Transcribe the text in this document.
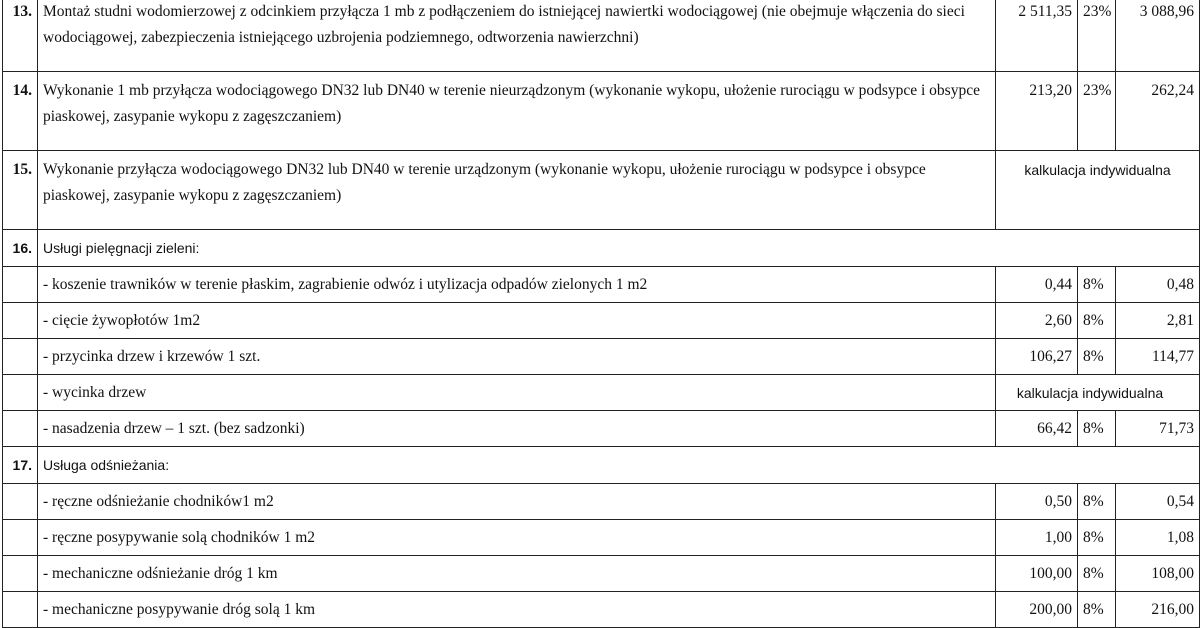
13.	Montaż studni wodomierzowej z odcinkiem przyłącza 1 mb z podłączeniem do istniejącej nawiertki wodociągowej (nie obejmuje włączenia do sieci wodociągowej, zabezpieczenia istniejącego uzbrojenia podziemnego, odtworzenia nawierzchni)	2 511,35	23%	3 088,96
14.	Wykonanie 1 mb przyłącza wodociągowego DN32 lub DN40 w terenie nieurządzonym (wykonanie wykopu, ułożenie rurociągu w podsypce i obsypce piaskowej, zasypanie wykopu z zagęszczaniem)	213,20	23%	262,24
15.	Wykonanie przyłącza wodociągowego DN32 lub DN40 w terenie urządzonym (wykonanie wykopu, ułożenie rurociągu w podsypce i obsypce piaskowej, zasypanie wykopu z zagęszczaniem)	kalkulacja indywidualna		
16.	Usługi pielęgnacji zieleni:			
	- koszenie trawników w terenie płaskim, zagrabienie odwóz i utylizacja odpadów zielonych 1 m2	0,44	8%	0,48
	- cięcie żywopłotów 1m2	2,60	8%	2,81
	- przycinka drzew i krzewów 1 szt.	106,27	8%	114,77
	- wycinka drzew	kalkulacja indywidualna		
	- nasadzenia drzew – 1 szt. (bez sadzonki)	66,42	8%	71,73
17.	Usługa odśnieżania:			
	- ręczne odśnieżanie chodników1 m2	0,50	8%	0,54
	- ręczne posypywanie solą chodników 1 m2	1,00	8%	1,08
	- mechaniczne odśnieżanie dróg 1 km	100,00	8%	108,00
	- mechaniczne posypywanie dróg solą 1 km	200,00	8%	216,00
